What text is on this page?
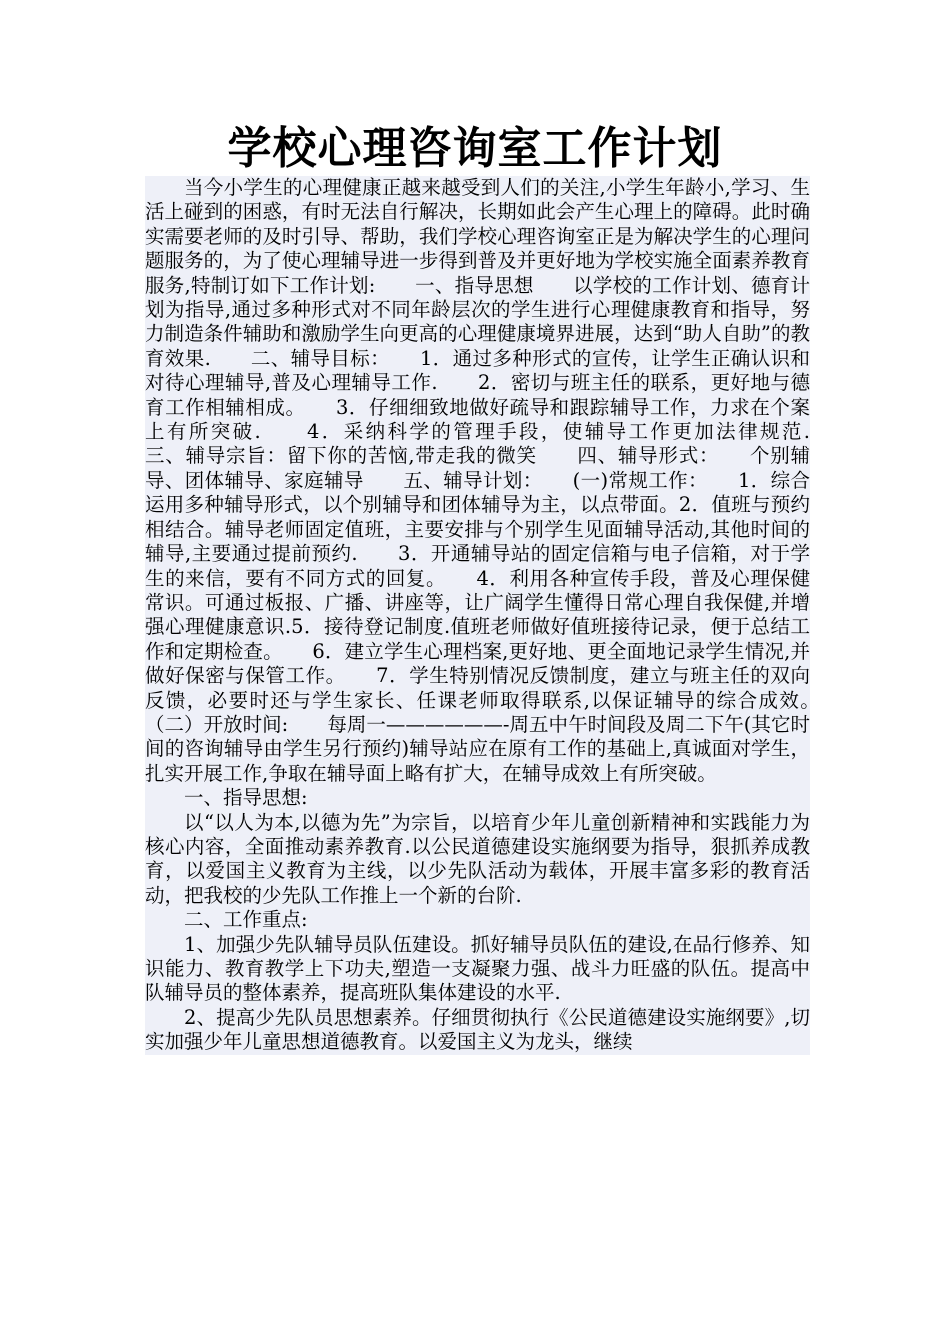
学校心理咨询室工作计划

当今小学生的心理健康正越来越受到人们的关注,小学生年龄小,学习、生活上碰到的困惑，有时无法自行解决，长期如此会产生心理上的障碍。此时确实需要老师的及时引导、帮助，我们学校心理咨询室正是为解决学生的心理问题服务的，为了使心理辅导进一步得到普及并更好地为学校实施全面素养教育服务,特制订如下工作计划:　　一、指导思想　　以学校的工作计划、德育计划为指导,通过多种形式对不同年龄层次的学生进行心理健康教育和指导，努力制造条件辅助和激励学生向更高的心理健康境界进展，达到“助人自助”的教育效果.　　二、辅导目标：　　1．通过多种形式的宣传，让学生正确认识和对待心理辅导,普及心理辅导工作.　　2．密切与班主任的联系，更好地与德育工作相辅相成。　　3．仔细细致地做好疏导和跟踪辅导工作，力求在个案上有所突破.　　4．采纳科学的管理手段，使辅导工作更加法律规范.　　三、辅导宗旨：留下你的苦恼,带走我的微笑　　四、辅导形式：　　个别辅导、团体辅导、家庭辅导　　五、辅导计划：　　(一)常规工作：　　1．综合运用多种辅导形式，以个别辅导和团体辅导为主，以点带面。2．值班与预约相结合。辅导老师固定值班，主要安排与个别学生见面辅导活动,其他时间的辅导,主要通过提前预约.　　3．开通辅导站的固定信箱与电子信箱，对于学生的来信，要有不同方式的回复。　　4．利用各种宣传手段，普及心理保健常识。可通过板报、广播、讲座等，让广阔学生懂得日常心理自我保健,并增强心理健康意识.5．接待登记制度.值班老师做好值班接待记录，便于总结工作和定期检查。　　6．建立学生心理档案,更好地、更全面地记录学生情况,并做好保密与保管工作。　　7．学生特别情况反馈制度，建立与班主任的双向反馈，必要时还与学生家长、任课老师取得联系,以保证辅导的综合成效。　　（二）开放时间:　　每周一——————-周五中午时间段及周二下午(其它时间的咨询辅导由学生另行预约)辅导站应在原有工作的基础上,真诚面对学生，扎实开展工作,争取在辅导面上略有扩大，在辅导成效上有所突破。

一、指导思想:

以“以人为本,以德为先”为宗旨，以培育少年儿童创新精神和实践能力为核心内容，全面推动素养教育.以公民道德建设实施纲要为指导，狠抓养成教育，以爱国主义教育为主线，以少先队活动为载体，开展丰富多彩的教育活动，把我校的少先队工作推上一个新的台阶.

二、工作重点:

1、加强少先队辅导员队伍建设。抓好辅导员队伍的建设,在品行修养、知识能力、教育教学上下功夫,塑造一支凝聚力强、战斗力旺盛的队伍。提高中队辅导员的整体素养，提高班队集体建设的水平.

2、提高少先队员思想素养。仔细贯彻执行《公民道德建设实施纲要》,切实加强少年儿童思想道德教育。以爱国主义为龙头，继续
